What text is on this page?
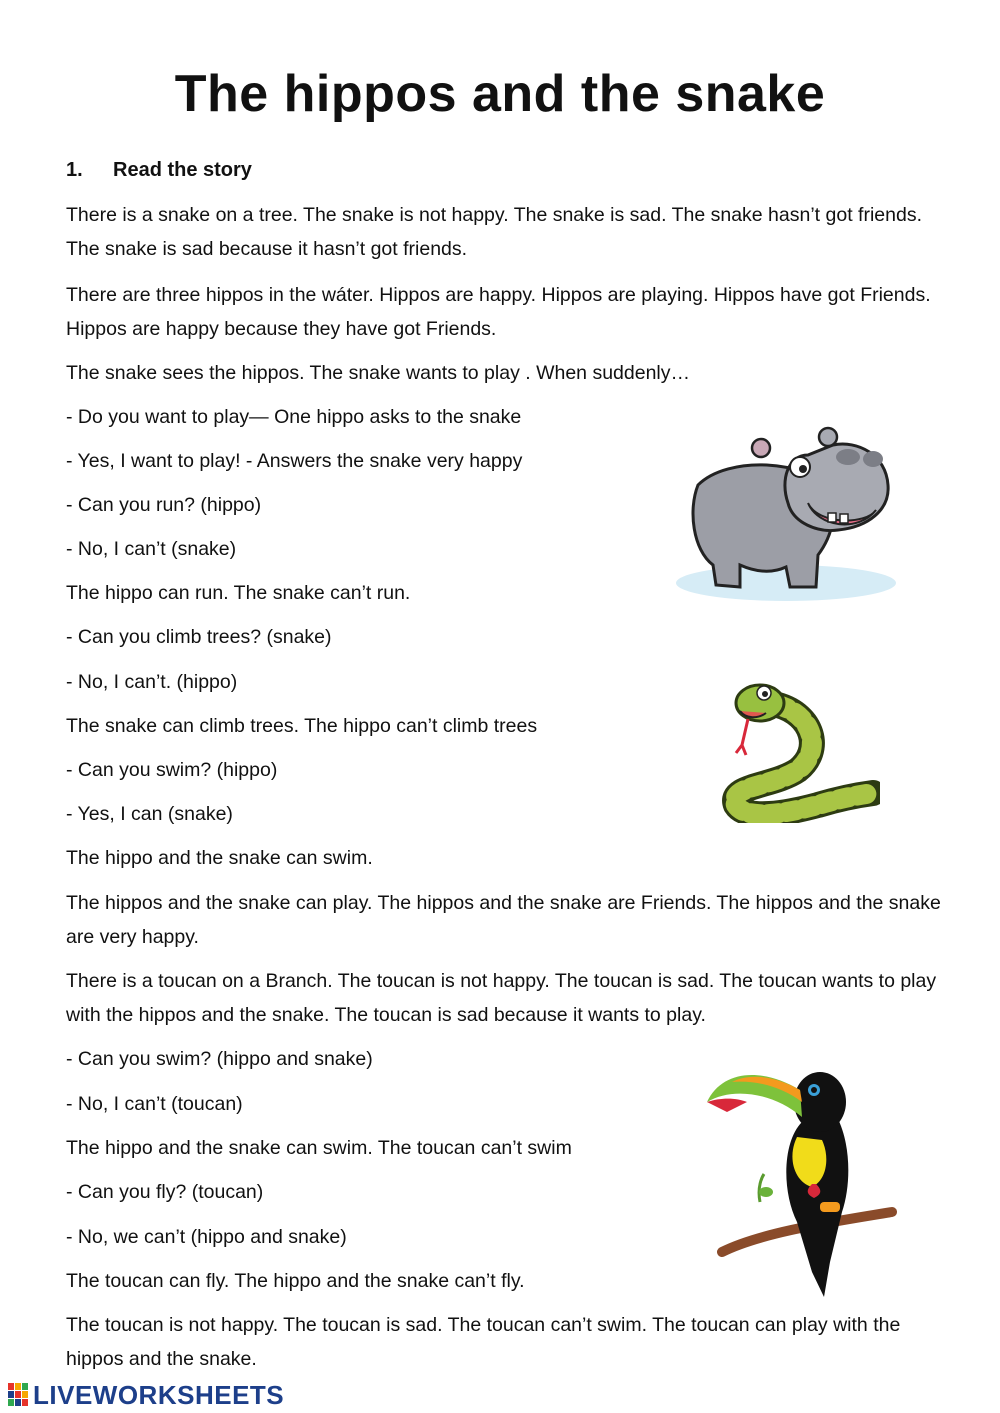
The hippos and the snake
1. Read the story

There is a snake on a tree. The snake is not happy. The snake is sad. The snake hasn’t got friends. The snake is sad because it hasn’t got friends.

There are three hippos in the wáter. Hippos are happy. Hippos are playing. Hippos have got Friends. Hippos are happy because they have got Friends.

The snake sees the hippos. The snake wants to play . When suddenly…

- Do you want to play— One hippo asks to the snake

- Yes, I want to play! - Answers the snake very happy

- Can you run? (hippo)

- No, I can’t (snake)

The hippo can run. The snake can’t run.

- Can you climb trees? (snake)

- No, I can’t. (hippo)

The snake can climb trees. The hippo can’t climb trees

- Can you swim? (hippo)

- Yes, I can (snake)

The hippo and the snake can swim.

The hippos and the snake can play. The hippos and the snake are Friends. The hippos and the snake are very happy.

There is a toucan on a Branch. The toucan is not happy. The toucan is sad. The toucan wants to play with the hippos and the snake. The toucan is sad because it wants to play.

- Can you swim? (hippo and snake)

- No, I can’t (toucan)

The hippo and the snake can swim. The toucan can’t swim

- Can you fly? (toucan)

- No, we can’t (hippo and snake)

The toucan can fly. The hippo and the snake can’t fly.

The toucan is not happy. The toucan is sad. The toucan can’t swim. The toucan can play with the hippos and the snake.

LIVEWORKSHEETS
